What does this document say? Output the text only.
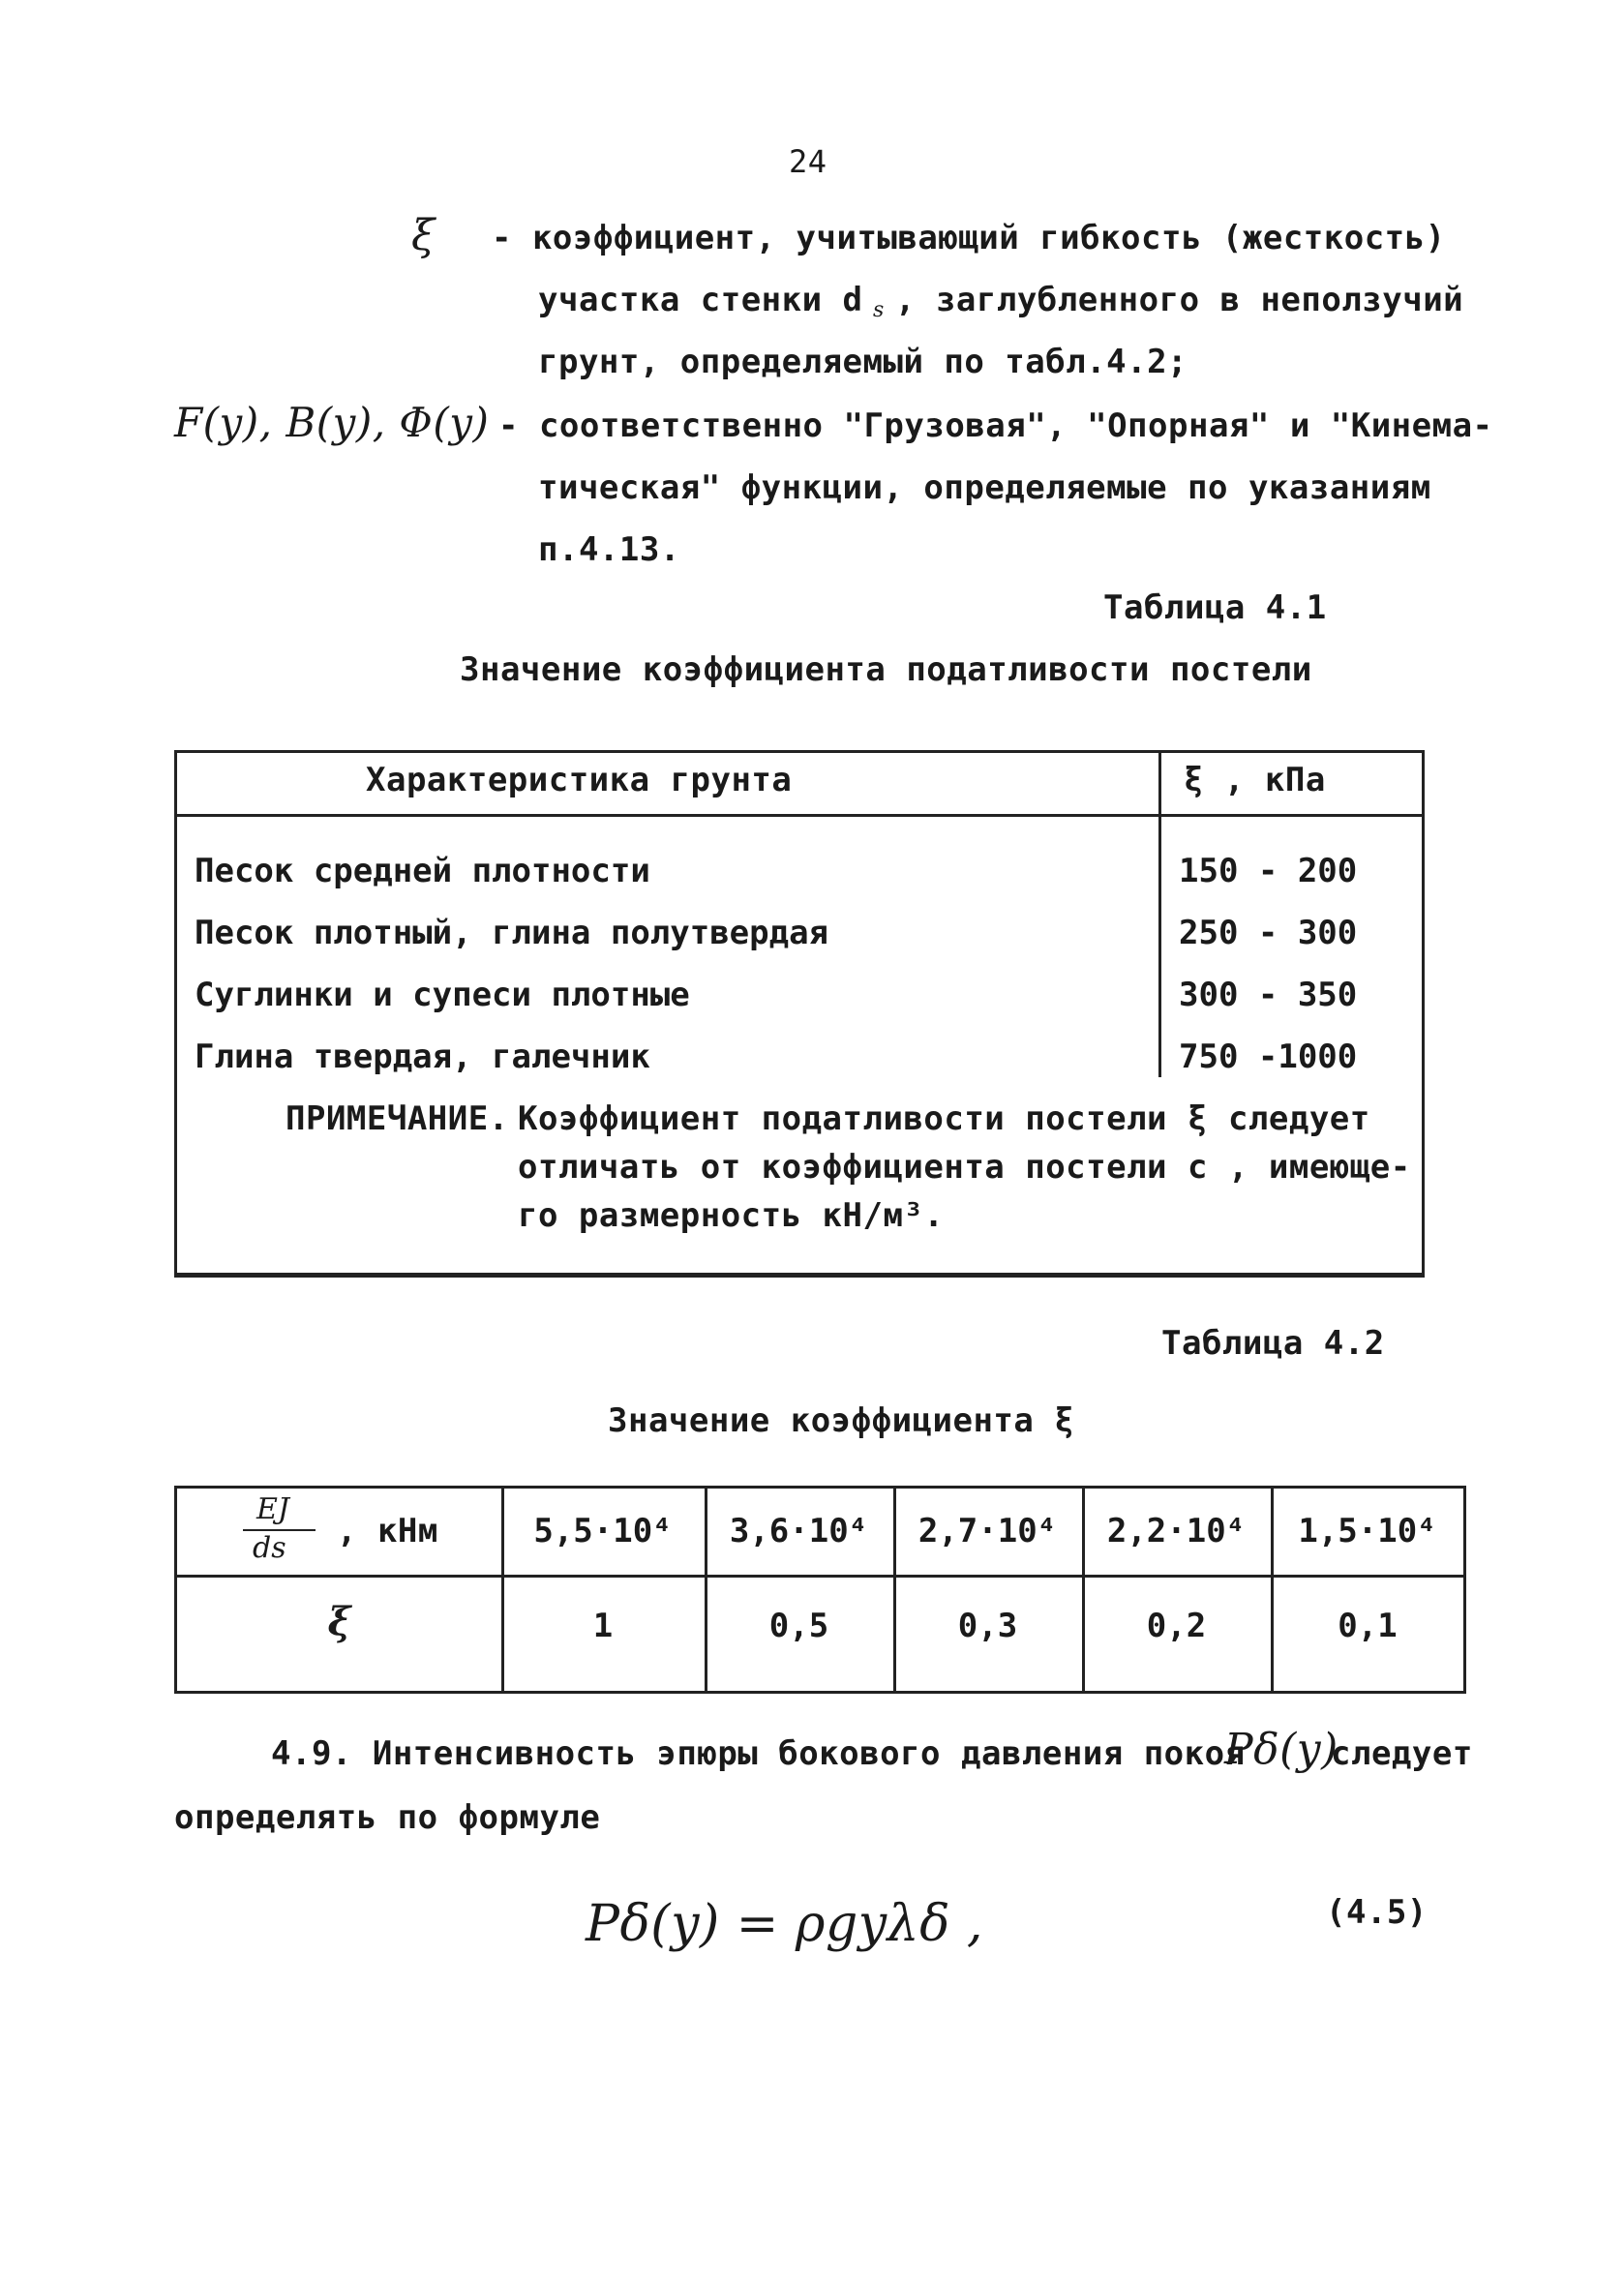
24
ξ - коэффициент, учитывающий гибкость (жесткость)
участка стенки d s , заглубленного в неползучий
грунт, определяемый по табл.4.2;
F(y), B(y), Φ(y) - соответственно "Грузовая", "Опорная" и "Кинема-
тическая" функции, определяемые по указаниям
п.4.13.
Таблица 4.1
Значение коэффициента податливости постели
Характеристика грунта	ξ , кПа
Песок средней плотности	150 - 200
Песок плотный, глина полутвердая	250 - 300
Суглинки и супеси плотные	300 - 350
Глина твердая, галечник	750 -1000
ПРИМЕЧАНИЕ. Коэффициент податливости постели ξ следует
отличать от коэффициента постели c , имеюще-
го размерность кН/м³.
Таблица 4.2
Значение коэффициента ξ
EJ
ds , кНм	5,5·10⁴	3,6·10⁴	2,7·10⁴	2,2·10⁴	1,5·10⁴
ξ	1	0,5	0,3	0,2	0,1
4.9. Интенсивность эпюры бокового давления покоя
Pδ(y)
следует
определять по формуле
Pδ(y) = ρgyλδ ,	(4.5)
